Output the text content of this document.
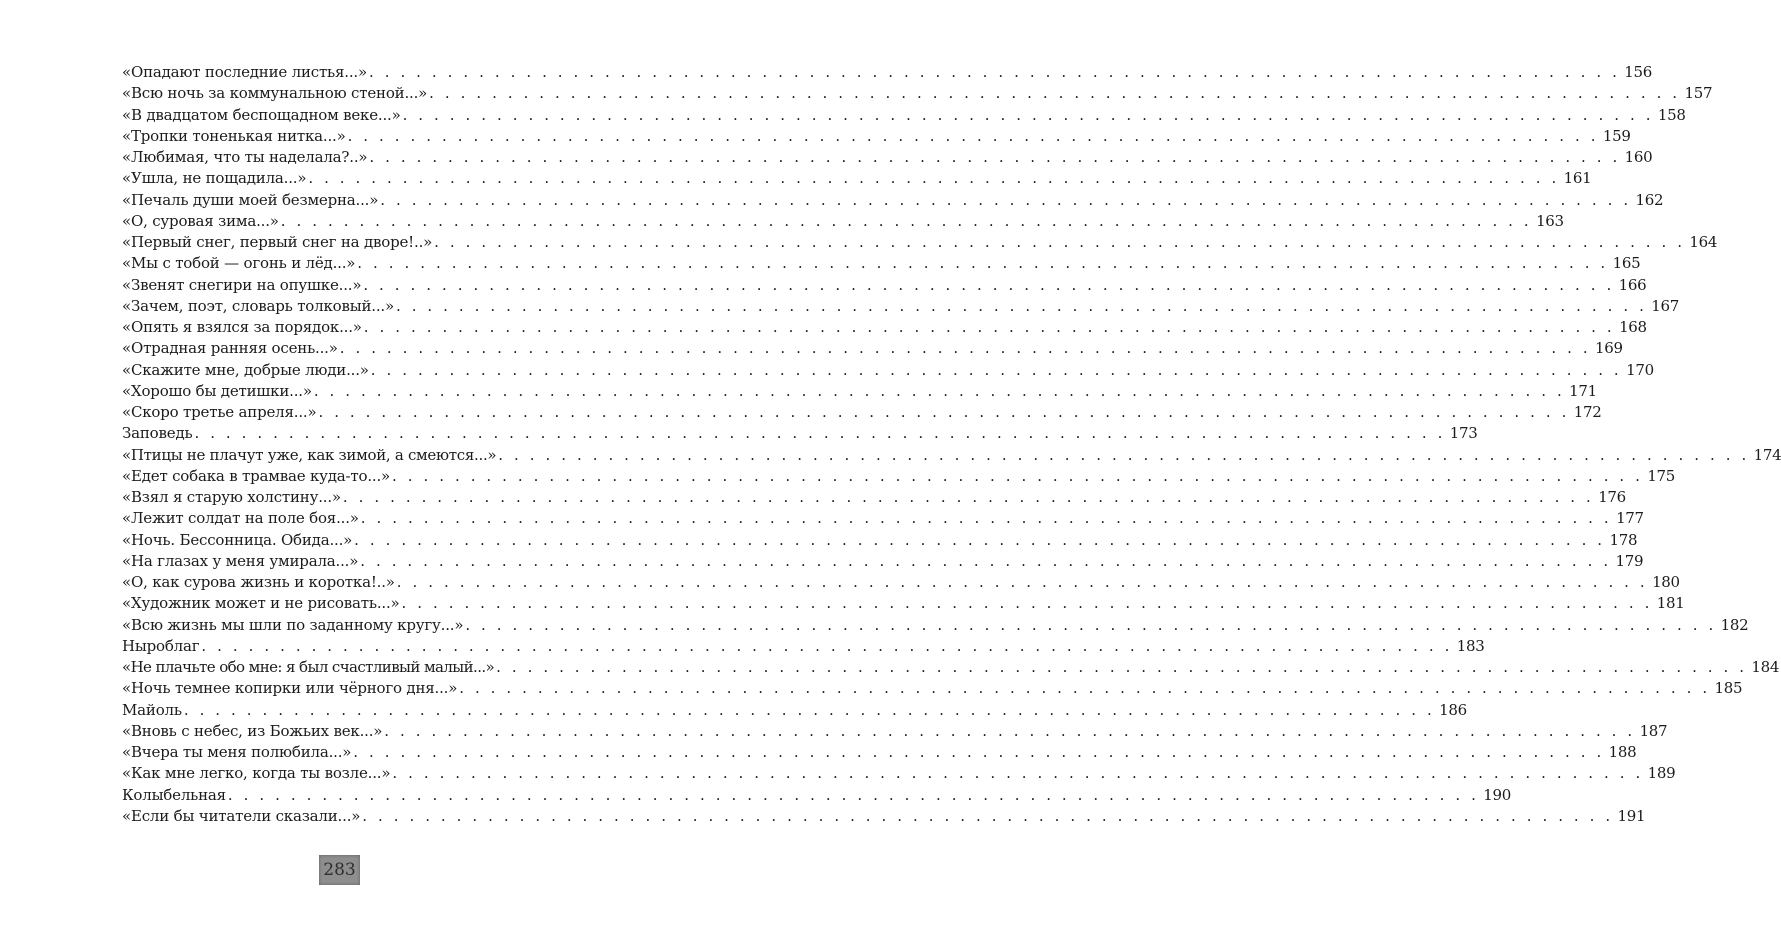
«Опадают последние листья...» . . . . . . . . . . . . . . . . . . . . . . . . . . . . . . . . . . . . . . . . . . . . . . . . . . . . . . . . . . . . . . . . . . . . . . . . . . . . . . . . 156
«Всю ночь за коммунальною стеной...» . . . . . . . . . . . . . . . . . . . . . . . . . . . . . . . . . . . . . . . . . . . . . . . . . . . . . . . . . . . . . . . . . . . . . . . . . . . . . . . . 157
«В двадцатом беспощадном веке...» . . . . . . . . . . . . . . . . . . . . . . . . . . . . . . . . . . . . . . . . . . . . . . . . . . . . . . . . . . . . . . . . . . . . . . . . . . . . . . . . 158
«Тропки тоненькая нитка...» . . . . . . . . . . . . . . . . . . . . . . . . . . . . . . . . . . . . . . . . . . . . . . . . . . . . . . . . . . . . . . . . . . . . . . . . . . . . . . . . 159
«Любимая, что ты наделала?..» . . . . . . . . . . . . . . . . . . . . . . . . . . . . . . . . . . . . . . . . . . . . . . . . . . . . . . . . . . . . . . . . . . . . . . . . . . . . . . . . 160
«Ушла, не пощадила...» . . . . . . . . . . . . . . . . . . . . . . . . . . . . . . . . . . . . . . . . . . . . . . . . . . . . . . . . . . . . . . . . . . . . . . . . . . . . . . . . 161
«Печаль души моей безмерна...» . . . . . . . . . . . . . . . . . . . . . . . . . . . . . . . . . . . . . . . . . . . . . . . . . . . . . . . . . . . . . . . . . . . . . . . . . . . . . . . . 162
«О, суровая зима...» . . . . . . . . . . . . . . . . . . . . . . . . . . . . . . . . . . . . . . . . . . . . . . . . . . . . . . . . . . . . . . . . . . . . . . . . . . . . . . . . 163
«Первый снег, первый снег на дворе!..» . . . . . . . . . . . . . . . . . . . . . . . . . . . . . . . . . . . . . . . . . . . . . . . . . . . . . . . . . . . . . . . . . . . . . . . . . . . . . . . . 164
«Мы с тобой — огонь и лёд...» . . . . . . . . . . . . . . . . . . . . . . . . . . . . . . . . . . . . . . . . . . . . . . . . . . . . . . . . . . . . . . . . . . . . . . . . . . . . . . . . 165
«Звенят снегири на опушке...» . . . . . . . . . . . . . . . . . . . . . . . . . . . . . . . . . . . . . . . . . . . . . . . . . . . . . . . . . . . . . . . . . . . . . . . . . . . . . . . . 166
«Зачем, поэт, словарь толковый...» . . . . . . . . . . . . . . . . . . . . . . . . . . . . . . . . . . . . . . . . . . . . . . . . . . . . . . . . . . . . . . . . . . . . . . . . . . . . . . . . 167
«Опять я взялся за порядок...» . . . . . . . . . . . . . . . . . . . . . . . . . . . . . . . . . . . . . . . . . . . . . . . . . . . . . . . . . . . . . . . . . . . . . . . . . . . . . . . . 168
«Отрадная ранняя осень...» . . . . . . . . . . . . . . . . . . . . . . . . . . . . . . . . . . . . . . . . . . . . . . . . . . . . . . . . . . . . . . . . . . . . . . . . . . . . . . . . 169
«Скажите мне, добрые люди...» . . . . . . . . . . . . . . . . . . . . . . . . . . . . . . . . . . . . . . . . . . . . . . . . . . . . . . . . . . . . . . . . . . . . . . . . . . . . . . . . 170
«Хорошо бы детишки...» . . . . . . . . . . . . . . . . . . . . . . . . . . . . . . . . . . . . . . . . . . . . . . . . . . . . . . . . . . . . . . . . . . . . . . . . . . . . . . . . 171
«Скоро третье апреля...» . . . . . . . . . . . . . . . . . . . . . . . . . . . . . . . . . . . . . . . . . . . . . . . . . . . . . . . . . . . . . . . . . . . . . . . . . . . . . . . . 172
Заповедь . . . . . . . . . . . . . . . . . . . . . . . . . . . . . . . . . . . . . . . . . . . . . . . . . . . . . . . . . . . . . . . . . . . . . . . . . . . . . . . . 173
«Птицы не плачут уже, как зимой, а смеются...» . . . . . . . . . . . . . . . . . . . . . . . . . . . . . . . . . . . . . . . . . . . . . . . . . . . . . . . . . . . . . . . . . . . . . . . . . . . . . . . . 174
«Едет собака в трамвае куда-то...» . . . . . . . . . . . . . . . . . . . . . . . . . . . . . . . . . . . . . . . . . . . . . . . . . . . . . . . . . . . . . . . . . . . . . . . . . . . . . . . . 175
«Взял я старую холстину...» . . . . . . . . . . . . . . . . . . . . . . . . . . . . . . . . . . . . . . . . . . . . . . . . . . . . . . . . . . . . . . . . . . . . . . . . . . . . . . . . 176
«Лежит солдат на поле боя...» . . . . . . . . . . . . . . . . . . . . . . . . . . . . . . . . . . . . . . . . . . . . . . . . . . . . . . . . . . . . . . . . . . . . . . . . . . . . . . . . 177
«Ночь. Бессонница. Обида...» . . . . . . . . . . . . . . . . . . . . . . . . . . . . . . . . . . . . . . . . . . . . . . . . . . . . . . . . . . . . . . . . . . . . . . . . . . . . . . . . 178
«На глазах у меня умирала...» . . . . . . . . . . . . . . . . . . . . . . . . . . . . . . . . . . . . . . . . . . . . . . . . . . . . . . . . . . . . . . . . . . . . . . . . . . . . . . . . 179
«О, как сурова жизнь и коротка!..» . . . . . . . . . . . . . . . . . . . . . . . . . . . . . . . . . . . . . . . . . . . . . . . . . . . . . . . . . . . . . . . . . . . . . . . . . . . . . . . . 180
«Художник может и не рисовать...» . . . . . . . . . . . . . . . . . . . . . . . . . . . . . . . . . . . . . . . . . . . . . . . . . . . . . . . . . . . . . . . . . . . . . . . . . . . . . . . . 181
«Всю жизнь мы шли по заданному кругу...» . . . . . . . . . . . . . . . . . . . . . . . . . . . . . . . . . . . . . . . . . . . . . . . . . . . . . . . . . . . . . . . . . . . . . . . . . . . . . . . . 182
Ныроблаг . . . . . . . . . . . . . . . . . . . . . . . . . . . . . . . . . . . . . . . . . . . . . . . . . . . . . . . . . . . . . . . . . . . . . . . . . . . . . . . . 183
«Не плачьте обо мне: я был счастливый малый...» . . . . . . . . . . . . . . . . . . . . . . . . . . . . . . . . . . . . . . . . . . . . . . . . . . . . . . . . . . . . . . . . . . . . . . . . . . . . . . . . 184
«Ночь темнее копирки или чёрного дня...» . . . . . . . . . . . . . . . . . . . . . . . . . . . . . . . . . . . . . . . . . . . . . . . . . . . . . . . . . . . . . . . . . . . . . . . . . . . . . . . . 185
Майоль . . . . . . . . . . . . . . . . . . . . . . . . . . . . . . . . . . . . . . . . . . . . . . . . . . . . . . . . . . . . . . . . . . . . . . . . . . . . . . . . 186
«Вновь с небес, из Божьих век...» . . . . . . . . . . . . . . . . . . . . . . . . . . . . . . . . . . . . . . . . . . . . . . . . . . . . . . . . . . . . . . . . . . . . . . . . . . . . . . . . 187
«Вчера ты меня полюбила...» . . . . . . . . . . . . . . . . . . . . . . . . . . . . . . . . . . . . . . . . . . . . . . . . . . . . . . . . . . . . . . . . . . . . . . . . . . . . . . . . 188
«Как мне легко, когда ты возле...» . . . . . . . . . . . . . . . . . . . . . . . . . . . . . . . . . . . . . . . . . . . . . . . . . . . . . . . . . . . . . . . . . . . . . . . . . . . . . . . . 189
Колыбельная . . . . . . . . . . . . . . . . . . . . . . . . . . . . . . . . . . . . . . . . . . . . . . . . . . . . . . . . . . . . . . . . . . . . . . . . . . . . . . . . 190
«Если бы читатели сказали...» . . . . . . . . . . . . . . . . . . . . . . . . . . . . . . . . . . . . . . . . . . . . . . . . . . . . . . . . . . . . . . . . . . . . . . . . . . . . . . . . 191
283
